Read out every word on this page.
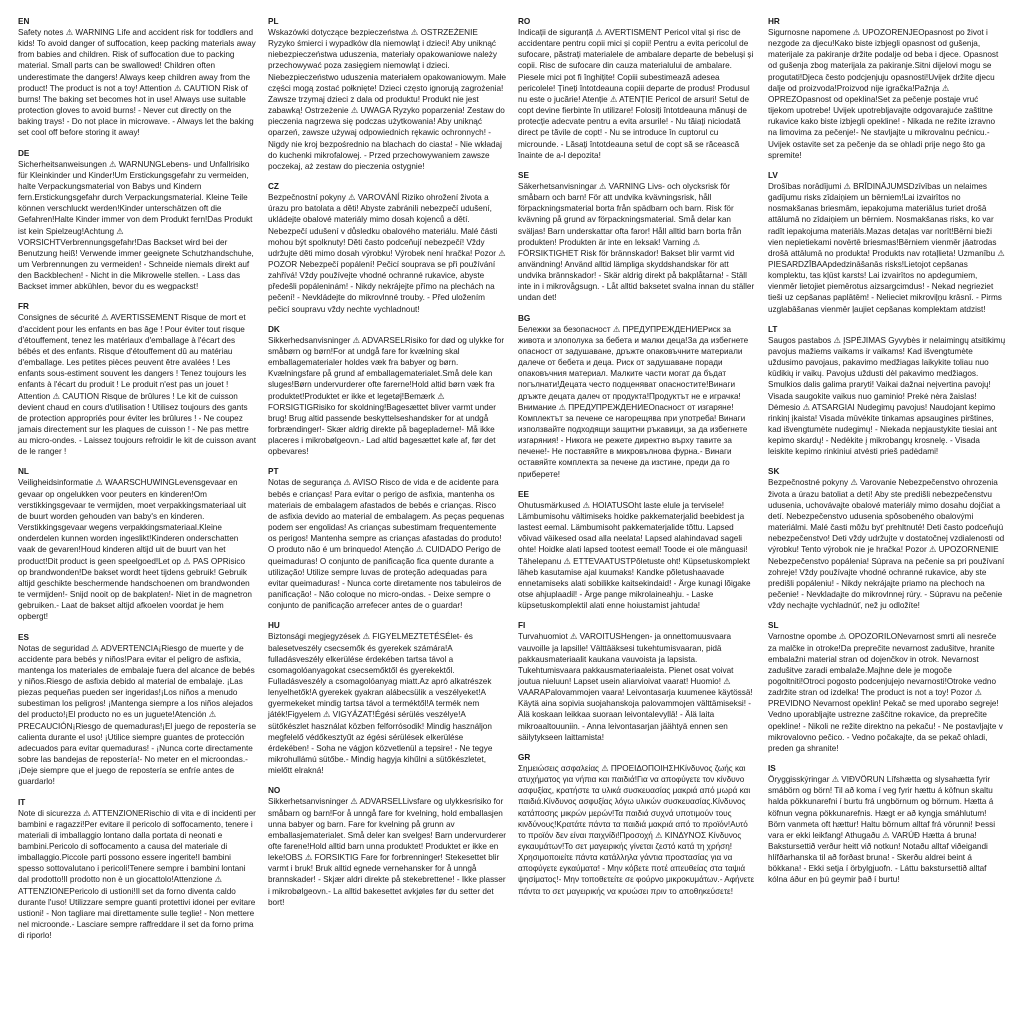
EN

Safety notes ⚠ WARNING Life and accident risk for toddlers and kids! To avoid danger of suffocation, keep packing materials away from babies and children. Risk of suffocation due to packing material. Small parts can be swallowed! Children often underestimate the dangers! Always keep children away from the product! The product is not a toy! Attention ⚠ CAUTION Risk of burns! The baking set becomes hot in use! Always use suitable protection gloves to avoid burns! - Never cut directly on the baking trays! - Do not place in microwave. - Always let the baking set cool off before storing it away!

DE

Sicherheitsanweisungen ⚠ WARNUNGLebens- und Unfallrisiko für Kleinkinder und Kinder!Um Erstickungsgefahr zu vermeiden, halte Verpackungsmaterial von Babys und Kindern fern.Erstickungsgefahr durch Verpackungsmaterial. Kleine Teile können verschluckt werden!Kinder unterschätzen oft die Gefahren!Halte Kinder immer von dem Produkt fern!Das Produkt ist kein Spielzeug!Achtung ⚠ VORSICHTVerbrennungsgefahr!Das Backset wird bei der Benutzung heiß! Verwende immer geeignete Schutzhandschuhe, um Verbrennungen zu vermeiden! - Schneide niemals direkt auf den Backblechen! - Nicht in die Mikrowelle stellen. - Lass das Backset immer abkühlen, bevor du es wegpackst!

FR

Consignes de sécurité ⚠ AVERTISSEMENT Risque de mort et d'accident pour les enfants en bas âge ! Pour éviter tout risque d'étouffement, tenez les matériaux d'emballage à l'écart des bébés et des enfants. Risque d'étouffement dû au matériau d'emballage. Les petites pièces peuvent être avalées ! Les enfants sous-estiment souvent les dangers ! Tenez toujours les enfants à l'écart du produit ! Le produit n'est pas un jouet ! Attention ⚠ CAUTION Risque de brûlures ! Le kit de cuisson devient chaud en cours d'utilisation ! Utilisez toujours des gants de protection appropriés pour éviter les brûlures ! - Ne coupez jamais directement sur les plaques de cuisson ! - Ne pas mettre au micro-ondes. - Laissez toujours refroidir le kit de cuisson avant de le ranger !

NL

Veiligheidsinformatie ⚠ WAARSCHUWINGLevensgevaar en gevaar op ongelukken voor peuters en kinderen!Om verstikkingsgevaar te vermijden, moet verpakkingsmateriaal uit de buurt worden gehouden van baby's en kinderen. Verstikkingsgevaar wegens verpakkingsmateriaal.Kleine onderdelen kunnen worden ingeslikt!Kinderen onderschatten vaak de gevaren!Houd kinderen altijd uit de buurt van het product!Dit product is geen speelgoed!Let op ⚠ PAS OPRisico op brandwonden!De bakset wordt heet tijdens gebruik! Gebruik altijd geschikte beschermende handschoenen om brandwonden te vermijden!- Snijd nooit op de bakplaten!- Niet in de magnetron gebruiken.- Laat de bakset altijd afkoelen voordat je hem opbergt!

ES

Notas de seguridad ⚠ ADVERTENCIA¡Riesgo de muerte y de accidente para bebés y niños!Para evitar el peligro de asfixia, mantenga los materiales de embalaje fuera del alcance de bebés y niños.Riesgo de asfixia debido al material de embalaje. ¡Las piezas pequeñas pueden ser ingeridas!¡Los niños a menudo subestiman los peligros! ¡Mantenga siempre a los niños alejados del producto!¡El producto no es un juguete!Atención ⚠ PRECAUCIÓN¡Riesgo de quemaduras!¡El juego de repostería se calienta durante el uso! ¡Utilice siempre guantes de protección adecuados para evitar quemaduras! - ¡Nunca corte directamente sobre las bandejas de repostería!- No meter en el microondas.- ¡Deje siempre que el juego de repostería se enfríe antes de guardarlo!

IT

Note di sicurezza ⚠ ATTENZIONERischio di vita e di incidenti per bambini e ragazzi!Per evitare il pericolo di soffocamento, tenere i materiali di imballaggio lontano dalla portata di neonati e bambini.Pericolo di soffocamento a causa del materiale di imballaggio.Piccole parti possono essere ingerite!I bambini spesso sottovalutano i pericoli!Tenere sempre i bambini lontani dal prodotto!Il prodotto non è un giocattolo!Attenzione ⚠ ATTENZIONEPericolo di ustioni!Il set da forno diventa caldo durante l'uso! Utilizzare sempre guanti protettivi idonei per evitare ustioni! - Non tagliare mai direttamente sulle teglie! - Non mettere nel microonde.- Lasciare sempre raffreddare il set da forno prima di riporlo!

PL

Wskazówki dotyczące bezpieczeństwa ⚠ OSTRZEŻENIE Ryzyko śmierci i wypadków dla niemowląt i dzieci! Aby uniknąć niebezpieczeństwa uduszenia, materiały opakowaniowe należy przechowywać poza zasięgiem niemowląt i dzieci. Niebezpieczeństwo uduszenia materiałem opakowaniowym. Małe części mogą zostać połknięte! Dzieci często ignorują zagrożenia! Zawsze trzymaj dzieci z dala od produktu! Produkt nie jest zabawką! Ostrzeżenie ⚠ UWAGA Ryzyko poparzenia! Zestaw do pieczenia nagrzewa się podczas użytkowania! Aby uniknąć oparzeń, zawsze używaj odpowiednich rękawic ochronnych! - Nigdy nie kroj bezpośrednio na blachach do ciasta! - Nie wkładaj do kuchenki mikrofalowej. - Przed przechowywaniem zawsze poczekaj, aż zestaw do pieczenia ostygnie!

CZ

Bezpečnostní pokyny ⚠ VAROVÁNÍ Riziko ohrožení života a úrazu pro batolata a děti! Abyste zabránili nebezpečí udušení, ukládejte obalové materiály mimo dosah kojenců a dětí. Nebezpečí udušení v důsledku obalového materiálu. Malé části mohou být spolknuty! Děti často podceňují nebezpečí! Vždy udržujte děti mimo dosah výrobku! Výrobek není hračka! Pozor ⚠ POZOR Nebezpečí popálení! Pečicí souprava se při používání zahřívá! Vždy používejte vhodné ochranné rukavice, abyste předešli popáleninám! - Nikdy nekrájejte přímo na plechách na pečení! - Nevkládejte do mikrovlnné trouby. - Před uložením pečicí soupravu vždy nechte vychladnout!

DK

Sikkerhedsanvisninger ⚠ ADVARSELRisiko for død og ulykke for småbørn og børn!For at undgå fare for kvælning skal emballagematerialer holdes væk fra babyer og børn. Kvælningsfare på grund af emballagematerialet.Små dele kan sluges!Børn undervurderer ofte farerne!Hold altid børn væk fra produktet!Produktet er ikke et legetøj!Bemærk ⚠ FORSIGTIGRisiko for skoldning!Bagesættet bliver varmt under brug! Brug altid passende beskyttelseshandsker for at undgå forbrændinger!- Skær aldrig direkte på bagepladerne!- Må ikke placeres i mikrobølgeovn.- Lad altid bagesættet køle af, før det opbevares!

PT

Notas de segurança ⚠ AVISO Risco de vida e de acidente para bebés e crianças! Para evitar o perigo de asfixia, mantenha os materiais de embalagem afastados de bebés e crianças. Risco de asfixia devido ao material de embalagem. As peças pequenas podem ser engolidas! As crianças subestimam frequentemente os perigos! Mantenha sempre as crianças afastadas do produto! O produto não é um brinquedo! Atenção ⚠ CUIDADO Perigo de queimaduras! O conjunto de panificação fica quente durante a utilização! Utilize sempre luvas de proteção adequadas para evitar queimaduras! - Nunca corte diretamente nos tabuleiros de panificação! - Não coloque no micro-ondas. - Deixe sempre o conjunto de panificação arrefecer antes de o guardar!

HU

Biztonsági megjegyzések ⚠ FIGYELMEZTETÉSÉlet- és balesetveszély csecsemők és gyerekek számára!A fulladásveszély elkerülése érdekében tartsa távol a csomagolóanyagokat csecsemőktől és gyerekektől. Fulladásveszély a csomagolóanyag miatt.Az apró alkatrészek lenyelhetők!A gyerekek gyakran alábecsülik a veszélyeket!A gyermekeket mindig tartsa távol a terméktől!A termék nem játék!Figyelem ⚠ VIGYÁZAT!Égési sérülés veszélye!A sütőkészlet használat közben felforrósodik! Mindig használjon megfelelő védőkesztyűt az égési sérülések elkerülése érdekében! - Soha ne vágjon közvetlenül a tepsire! - Ne tegye mikrohullámú sütőbe.- Mindig hagyja kihűlni a sütőkészletet, mielőtt elrakná!

NO

Sikkerhetsanvisninger ⚠ ADVARSELLivsfare og ulykkesrisiko for småbarn og barn!For å unngå fare for kvelning, hold emballasjen unna babyer og barn. Fare for kvelning på grunn av emballasjematerialet. Små deler kan svelges! Barn undervurderer ofte farene!Hold alltid barn unna produktet! Produktet er ikke en leke!OBS ⚠ FORSIKTIG Fare for forbrenninger! Stekesettet blir varmt i bruk! Bruk alltid egnede vernehansker for å unngå brannskader! - Skjær aldri direkte på stekebrettene! - Ikke plasser i mikrobølgeovn.- La alltid bakesettet avkjøles før du setter det bort!

RO

Indicații de siguranță ⚠ AVERTISMENT Pericol vital și risc de accidentare pentru copii mici și copii! Pentru a evita pericolul de sufocare, păstrați materialele de ambalare departe de bebeluși și copii. Risc de sufocare din cauza materialului de ambalare. Piesele mici pot fi înghițite! Copiii subestimează adesea pericolele! Țineți întotdeauna copiii departe de produs! Produsul nu este o jucărie! Atenție ⚠ ATENȚIE Pericol de arsuri! Setul de copt devine fierbinte în utilizare! Folosiți întotdeauna mănuși de protecție adecvate pentru a evita arsurile! - Nu tăiați niciodată direct pe tăvile de copt! - Nu se introduce în cuptorul cu microunde. - Lăsați întotdeauna setul de copt să se răcească înainte de a-l depozita!

SE

Säkerhetsanvisningar ⚠ VARNING Livs- och olycksrisk för småbarn och barn! För att undvika kvävningsrisk, håll förpackningsmaterial borta från spädbarn och barn. Risk för kvävning på grund av förpackningsmaterial. Små delar kan sväljas! Barn underskattar ofta faror! Håll alltid barn borta från produkten! Produkten är inte en leksak! Varning ⚠ FÖRSIKTIGHET Risk för brännskador! Bakset blir varmt vid användning! Använd alltid lämpliga skyddshandskar för att undvika brännskador! - Skär aldrig direkt på bakplåtarna! - Ställ inte in i mikrovågsugn. - Låt alltid baksetet svalna innan du ställer undan det!

BG

Бележки за безопасност ⚠ ПРЕДУПРЕЖДЕНИЕРиск за живота и злополука за бебета и малки деца!За да избегнете опасност от задушаване, дръжте опаковъчните материали далече от бебета и деца. Риск от задушаване поради опаковъчния материал. Малките части могат да бъдат погълнати!Децата често подценяват опасностите!Винаги дръжте децата далеч от продукта!Продуктът не е играчка!Внимание ⚠ ПРЕДУПРЕЖДЕНИЕОпасност от изгаряне!Комплектът за печене се нагорещява при употреба! Винаги използвайте подходящи защитни ръкавици, за да избегнете изгаряния! - Никога не режете директно върху тавите за печене!- Не поставяйте в микровълнова фурна.- Винаги оставяйте комплекта за печене да изстине, преди да го приберете!

EE

Ohutusmärkused ⚠ HOIATUSOht laste elule ja tervisele! Lämbumisohu vältimiseks hoidke pakkematerjalid beebidest ja lastest eemal. Lämbumisoht pakkematerjalide tõttu. Lapsed võivad väikesed osad alla neelata! Lapsed alahindavad sageli ohte! Hoidke alati lapsed tootest eemal! Toode ei ole mänguasi! Tähelepanu ⚠ ETTEVAATUSTPõletuste oht! Küpsetuskomplekt läheb kasutamise ajal kuumaks! Kandke põletushaavade ennetamiseks alati sobilikke kaitsekindaid! - Ärge kunagi lõigake otse ahjuplaadil! - Ärge pange mikrolaineahju. - Laske küpsetuskomplektil alati enne hoiustamist jahtuda!

FI

Turvahuomiot ⚠ VAROITUSHengen- ja onnettomuusvaara vauvoille ja lapsille! Välttääksesi tukehtumisvaaran, pidä pakkausmateriaalit kaukana vauvoista ja lapsista. Tukehtumisvaara pakkausmateriaaleista. Pienet osat voivat joutua nieluun! Lapset usein aliarvioivat vaarat! Huomio! ⚠ VAARAPalovammojen vaara! Leivontasarja kuumenee käytössä! Käytä aina sopivia suojahanskoja palovammojen välttämiseksi! - Älä koskaan leikkaa suoraan leivontalevyllä! - Älä laita mikroaaltouuniin. - Anna leivontasarjan jäähtyä ennen sen säilytykseen laittamista!

GR

Σημειώσεις ασφαλείας ⚠ ΠΡΟΕΙΔΟΠΟΙΗΣΗΚίνδυνος ζωής και ατυχήματος για νήπια και παιδιά!Για να αποφύγετε τον κίνδυνο ασφυξίας, κρατήστε τα υλικά συσκευασίας μακριά από μωρά και παιδιά.Κίνδυνος ασφυξίας λόγω υλικών συσκευασίας.Κίνδυνος κατάποσης μικρών μερών!Τα παιδιά συχνά υποτιμούν τους κινδύνους!Κρατάτε πάντα τα παιδιά μακριά από το προϊόν!Αυτό το προϊόν δεν είναι παιχνίδι!Προσοχή ⚠ ΚΙΝΔΥΝΟΣ Κίνδυνος εγκαυμάτων!Το σετ μαγειρικής γίνεται ζεστό κατά τη χρήση! Χρησιμοποιείτε πάντα κατάλληλα γάντια προστασίας για να αποφύγετε εγκαύματα! - Μην κόβετε ποτέ απευθείας στα ταψιά ψησίματος!- Μην τοποθετείτε σε φούρνο μικροκυμάτων.- Αφήνετε πάντα το σετ μαγειρικής να κρυώσει πριν το αποθηκεύσετε!

HR

Sigurnosne napomene ⚠ UPOZORENJEOpasnost po život i nezgode za djecu!Kako biste izbjegli opasnost od gušenja, materijale za pakiranje držite podalje od beba i djece. Opasnost od gušenja zbog materijala za pakiranje.Sitni dijelovi mogu se progutati!Djeca često podcjenjuju opasnosti!Uvijek držite djecu dalje od proizvoda!Proizvod nije igračka!Pažnja ⚠ OPREZOpasnost od opeklina!Set za pečenje postaje vruć tijekom upotrebe! Uvijek upotrebljavajte odgovarajuće zaštitne rukavice kako biste izbjegli opekline! - Nikada ne režite izravno na limovima za pečenje!- Ne stavljajte u mikrovalnu pećnicu.- Uvijek ostavite set za pečenje da se ohladi prije nego što ga spremite!

LV

Drošības norādījumi ⚠ BRĪDINĀJUMSDzīvības un nelaimes gadījumu risks zīdaiņiem un bērniem!Lai izvairītos no nosmakšanas briesmām, iepakojuma materiālus turiet drošā attālumā no zīdaiņiem un bērniem. Nosmakšanas risks, ko var radīt iepakojuma materiāls.Mazas detaļas var norīt!Bērni bieži vien nepietiekami novērtē briesmas!Bērniem vienmēr jāatrodas drošā attālumā no produkta! Produkts nav rotaļlieta! Uzmanību ⚠ PIESARDZĪBAApdedzināšanās risks!Lietojot cepšanas komplektu, tas kļūst karsts! Lai izvairītos no apdegumiem, vienmēr lietojiet piemērotus aizsargcimdus! - Nekad negrieziet tieši uz cepšanas paplātēm! - Nelieciet mikroviļņu krāsnī. - Pirms uzglabāšanas vienmēr ļaujiet cepšanas komplektam atdzist!

LT

Saugos pastabos ⚠ ĮSPĖJIMAS Gyvybės ir nelaimingų atsitikimų pavojus mažiems vaikams ir vaikams! Kad išvengtumėte uždusimo pavojaus, pakavimo medžiagas laikykite toliau nuo kūdikių ir vaikų. Pavojus uždusti dėl pakavimo medžiagos. Smulkios dalis galima praryti! Vaikai dažnai neįvertina pavojų! Visada saugokite vaikus nuo gaminio! Prekė nėra žaislas! Dėmesio ⚠ ATSARGIAI Nudegimų pavojus! Naudojant kepimo rinkinį įkaista! Visada mūvėkite tinkamas apsaugines pirštines, kad išvengtumėte nudegimų! - Niekada nepjaustykite tiesiai ant kepimo skardų! - Nedėkite į mikrobangų krosnelę. - Visada leiskite kepimo rinkiniui atvėsti prieš padėdami!

SK

Bezpečnostné pokyny ⚠ Varovanie Nebezpečenstvo ohrozenia života a úrazu batoliat a detí! Aby ste predišli nebezpečenstvu udusenia, uchovávajte obalové materiály mimo dosahu dojčiat a detí. Nebezpečenstvo udusenia spôsobeného obalovými materiálmi. Malé časti môžu byť prehltnuté! Deti často podceňujú nebezpečenstvo! Deti vždy udržujte v dostatočnej vzdialenosti od výrobku! Tento výrobok nie je hračka! Pozor ⚠ UPOZORNENIE Nebezpečenstvo popálenia! Súprava na pečenie sa pri používaní zohreje! Vždy používajte vhodné ochranné rukavice, aby ste predišli popáleniu! - Nikdy nekrájajte priamo na plechoch na pečenie! - Nevkladajte do mikrovlnnej rúry. - Súpravu na pečenie vždy nechajte vychladnúť, než ju odložíte!

SL

Varnostne opombe ⚠ OPOZORILONevarnost smrti ali nesreče za malčke in otroke!Da preprečite nevarnost zadušitve, hranite embalažni material stran od dojenčkov in otrok. Nevarnost zadušitve zaradi embalaže.Majhne dele je mogoče pogoltniti!Otroci pogosto podcenjujejo nevarnosti!Otroke vedno zadržite stran od izdelka! The product is not a toy! Pozor ⚠ PREVIDNO Nevarnost opeklin! Pekač se med uporabo segreje! Vedno uporabljajte ustrezne zaščitne rokavice, da preprečite opekline! - Nikoli ne režite direktno na pekaču! - Ne postavljajte v mikrovalovno pečico. - Vedno počakajte, da se pekač ohladi, preden ga shranite!

IS

Öryggisskýringar ⚠ VIÐVÖRUN Lífshætta og slysahætta fyrir smábörn og börn! Til að koma í veg fyrir hættu á köfnun skaltu halda pökkunarefni í burtu frá ungbörnum og börnum. Hætta á köfnun vegna pökkunarefnis. Hægt er að kyngja smáhlutum! Börn vanmeta oft hættur! Haltu börnum alltaf frá vörunni! Þessi vara er ekki leikfang! Athugaðu ⚠ VARÚÐ Hætta á bruna! Bakstursettið verður heitt við notkun! Notaðu alltaf viðeigandi hlífðarhanska til að forðast bruna! - Skerðu aldrei beint á bökkana! - Ekki setja í örbylgjuofn. - Láttu bakstursettið alltaf kólna áður en þú geymir það í burtu!
